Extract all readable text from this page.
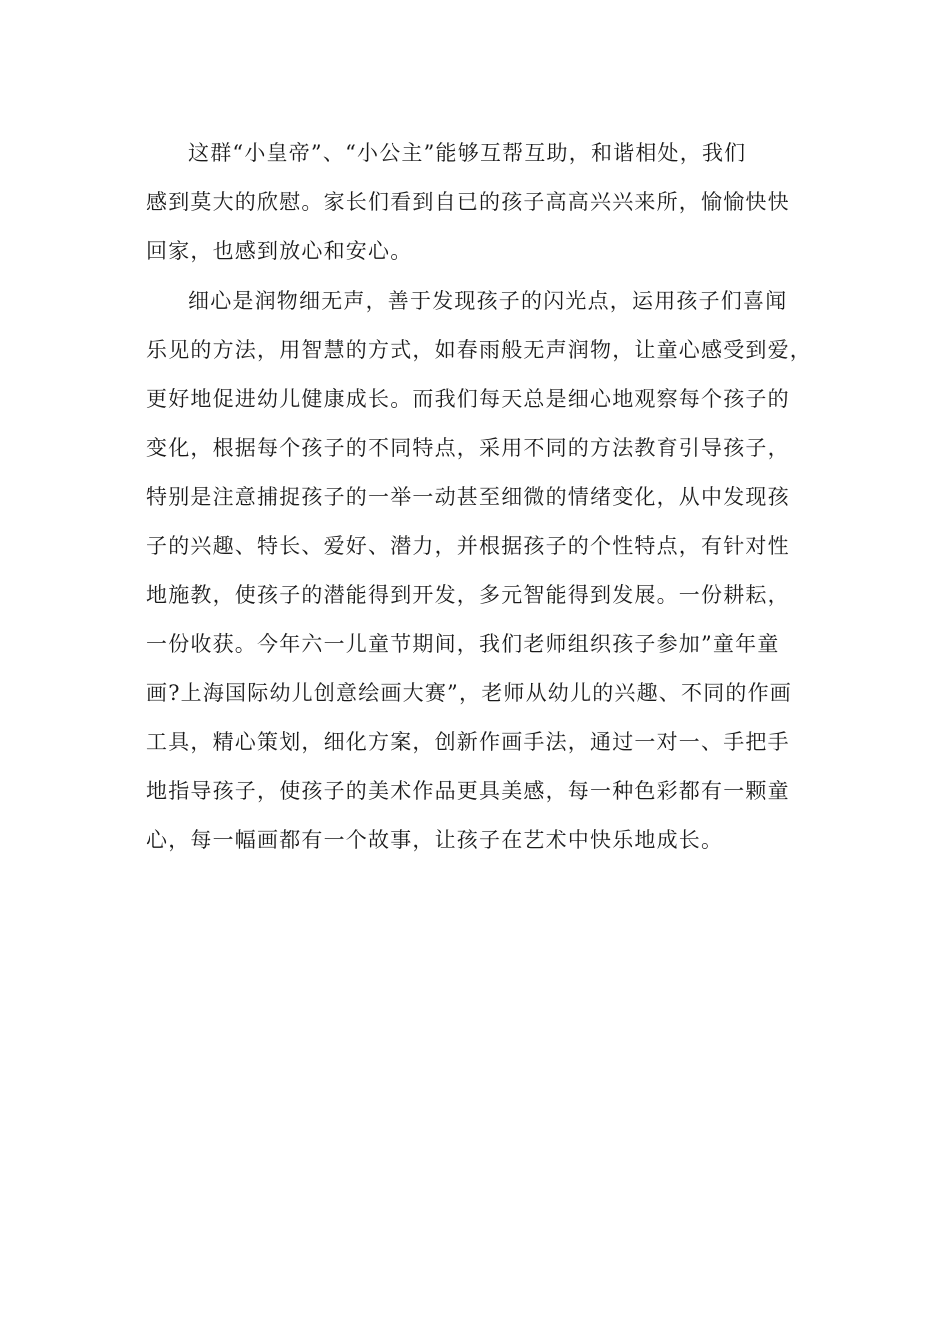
这群“小皇帝”、“小公主”能够互帮互助，和谐相处，我们
感到莫大的欣慰。家长们看到自已的孩子高高兴兴来所，愉愉快快
回家，也感到放心和安心。
细心是润物细无声，善于发现孩子的闪光点，运用孩子们喜闻
乐见的方法，用智慧的方式，如春雨般无声润物，让童心感受到爱，
更好地促进幼儿健康成长。而我们每天总是细心地观察每个孩子的
变化，根据每个孩子的不同特点，采用不同的方法教育引导孩子，
特别是注意捕捉孩子的一举一动甚至细微的情绪变化，从中发现孩
子的兴趣、特长、爱好、潜力，并根据孩子的个性特点，有针对性
地施教，使孩子的潜能得到开发，多元智能得到发展。一份耕耘，
一份收获。今年六一儿童节期间，我们老师组织孩子参加”童年童
画?上海国际幼儿创意绘画大赛”，老师从幼儿的兴趣、不同的作画
工具，精心策划，细化方案，创新作画手法，通过一对一、手把手
地指导孩子，使孩子的美术作品更具美感，每一种色彩都有一颗童
心，每一幅画都有一个故事，让孩子在艺术中快乐地成长。
